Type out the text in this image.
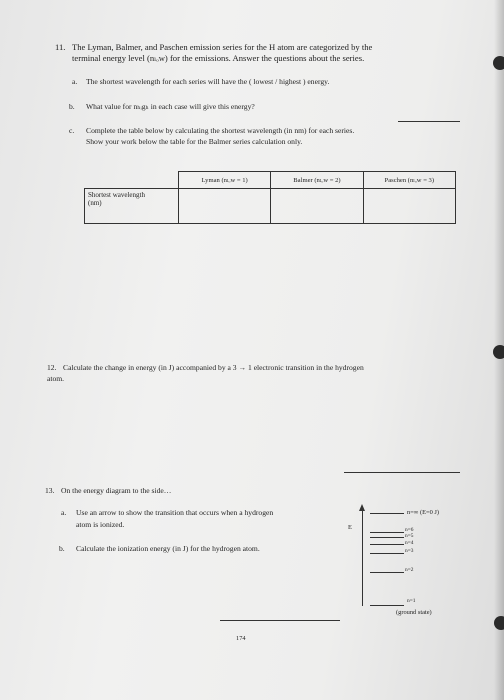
11. The Lyman, Balmer, and Paschen emission series for the H atom are categorized by the
terminal energy level (nₗₒw) for the emissions. Answer the questions about the series.
a. The shortest wavelength for each series will have the ( lowest / highest ) energy.
b. What value for nₕᵢgₕ in each case will give this energy?
c. Complete the table below by calculating the shortest wavelength (in nm) for each series.
Show your work below the table for the Balmer series calculation only.
	Lyman (nₗₒw = 1)	Balmer (nₗₒw = 2)	Paschen (nₗₒw = 3)
Shortest wavelength
(nm)			
12. Calculate the change in energy (in J) accompanied by a 3 → 1 electronic transition in the hydrogen
atom.
13. On the energy diagram to the side…
a. Use an arrow to show the transition that occurs when a hydrogen
atom is ionized.
b. Calculate the ionization energy (in J) for the hydrogen atom.
E
n=∞ (E=0 J)
n=6
n=5
n=4
n=3
n=2
n=1
(ground state)
174
